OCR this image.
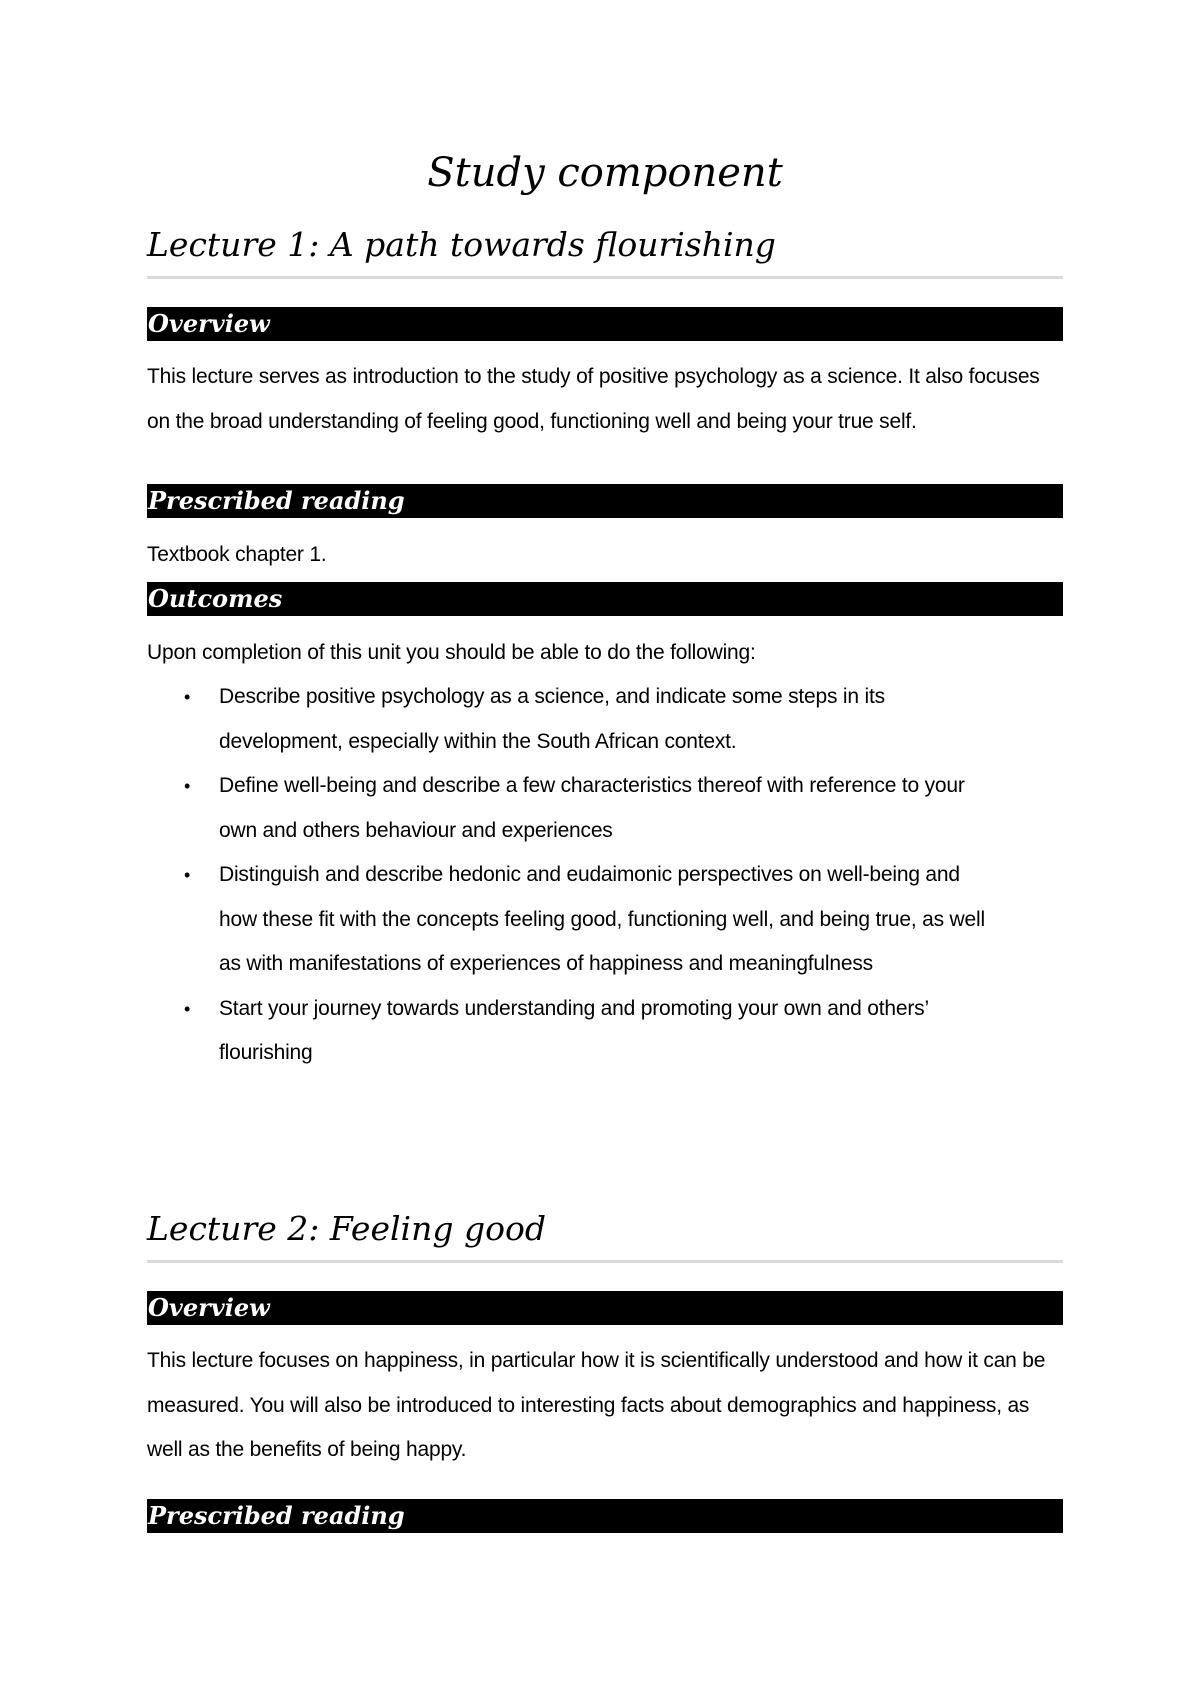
Study component
Lecture 1: A path towards flourishing
Overview

This lecture serves as introduction to the study of positive psychology as a science. It also focuses on the broad understanding of feeling good, functioning well and being your true self.

Prescribed reading

Textbook chapter 1.

Outcomes

Upon completion of this unit you should be able to do the following:

• Describe positive psychology as a science, and indicate some steps in its development, especially within the South African context.
• Define well-being and describe a few characteristics thereof with reference to your own and others behaviour and experiences
• Distinguish and describe hedonic and eudaimonic perspectives on well-being and how these fit with the concepts feeling good, functioning well, and being true, as well as with manifestations of experiences of happiness and meaningfulness
• Start your journey towards understanding and promoting your own and others’ flourishing
Lecture 2: Feeling good
Overview

This lecture focuses on happiness, in particular how it is scientifically understood and how it can be measured. You will also be introduced to interesting facts about demographics and happiness, as well as the benefits of being happy.

Prescribed reading
